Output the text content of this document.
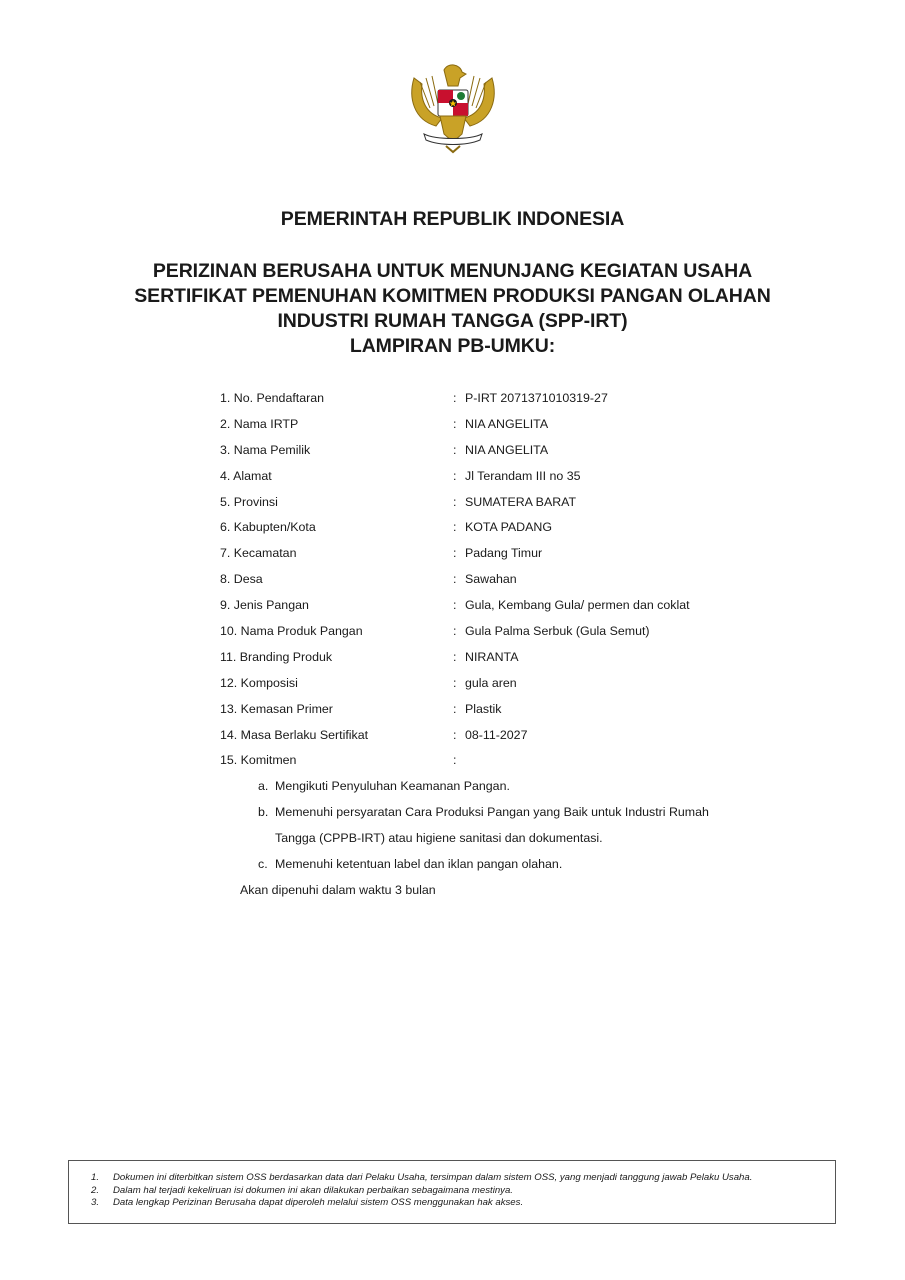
PEMERINTAH REPUBLIK INDONESIA
PERIZINAN BERUSAHA UNTUK MENUNJANG KEGIATAN USAHA
SERTIFIKAT PEMENUHAN KOMITMEN PRODUKSI PANGAN OLAHAN
INDUSTRI RUMAH TANGGA (SPP-IRT)
LAMPIRAN PB-UMKU:
1. No. Pendaftaran	: P-IRT 2071371010319-27
2. Nama IRTP	: NIA ANGELITA
3. Nama Pemilik	: NIA ANGELITA
4. Alamat	: Jl Terandam III no 35
5. Provinsi	: SUMATERA BARAT
6. Kabupten/Kota	: KOTA PADANG
7. Kecamatan	: Padang Timur
8. Desa	: Sawahan
9. Jenis Pangan	: Gula, Kembang Gula/ permen dan coklat
10. Nama Produk Pangan	: Gula Palma Serbuk (Gula Semut)
11. Branding Produk	: NIRANTA
12. Komposisi	: gula aren
13. Kemasan Primer	: Plastik
14. Masa Berlaku Sertifikat	: 08-11-2027
15. Komitmen	:
a. Mengikuti Penyuluhan Keamanan Pangan.
b. Memenuhi persyaratan Cara Produksi Pangan yang Baik untuk Industri Rumah
Tangga (CPPB-IRT) atau higiene sanitasi dan dokumentasi.
c. Memenuhi ketentuan label dan iklan pangan olahan.
Akan dipenuhi dalam waktu 3 bulan
1. Dokumen ini diterbitkan sistem OSS berdasarkan data dari Pelaku Usaha, tersimpan dalam sistem OSS, yang menjadi tanggung jawab Pelaku Usaha.
2. Dalam hal terjadi kekeliruan isi dokumen ini akan dilakukan perbaikan sebagaimana mestinya.
3. Data lengkap Perizinan Berusaha dapat diperoleh melalui sistem OSS menggunakan hak akses.
